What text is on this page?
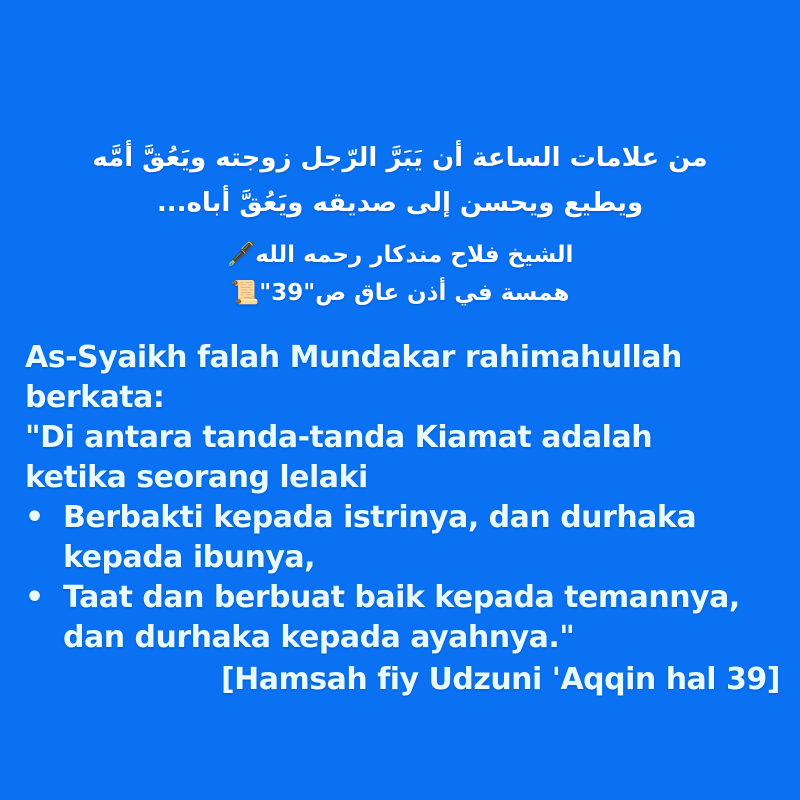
من علامات الساعة أن يَبَرَّ الرّجل زوجته ويَعُقَّ أمَّه
ويطيع ويحسن إلى صديقه ويَعُقَّ أباه...
🖋️الشيخ فلاح مندكار رحمه الله
همسة في أذن عاق ص"39"📜
As-Syaikh falah Mundakar rahimahullah
berkata:
"Di antara tanda-tanda Kiamat adalah
ketika seorang lelaki
• Berbakti kepada istrinya, dan durhaka
kepada ibunya,
• Taat dan berbuat baik kepada temannya,
dan durhaka kepada ayahnya."
[Hamsah fiy Udzuni 'Aqqin hal 39]
